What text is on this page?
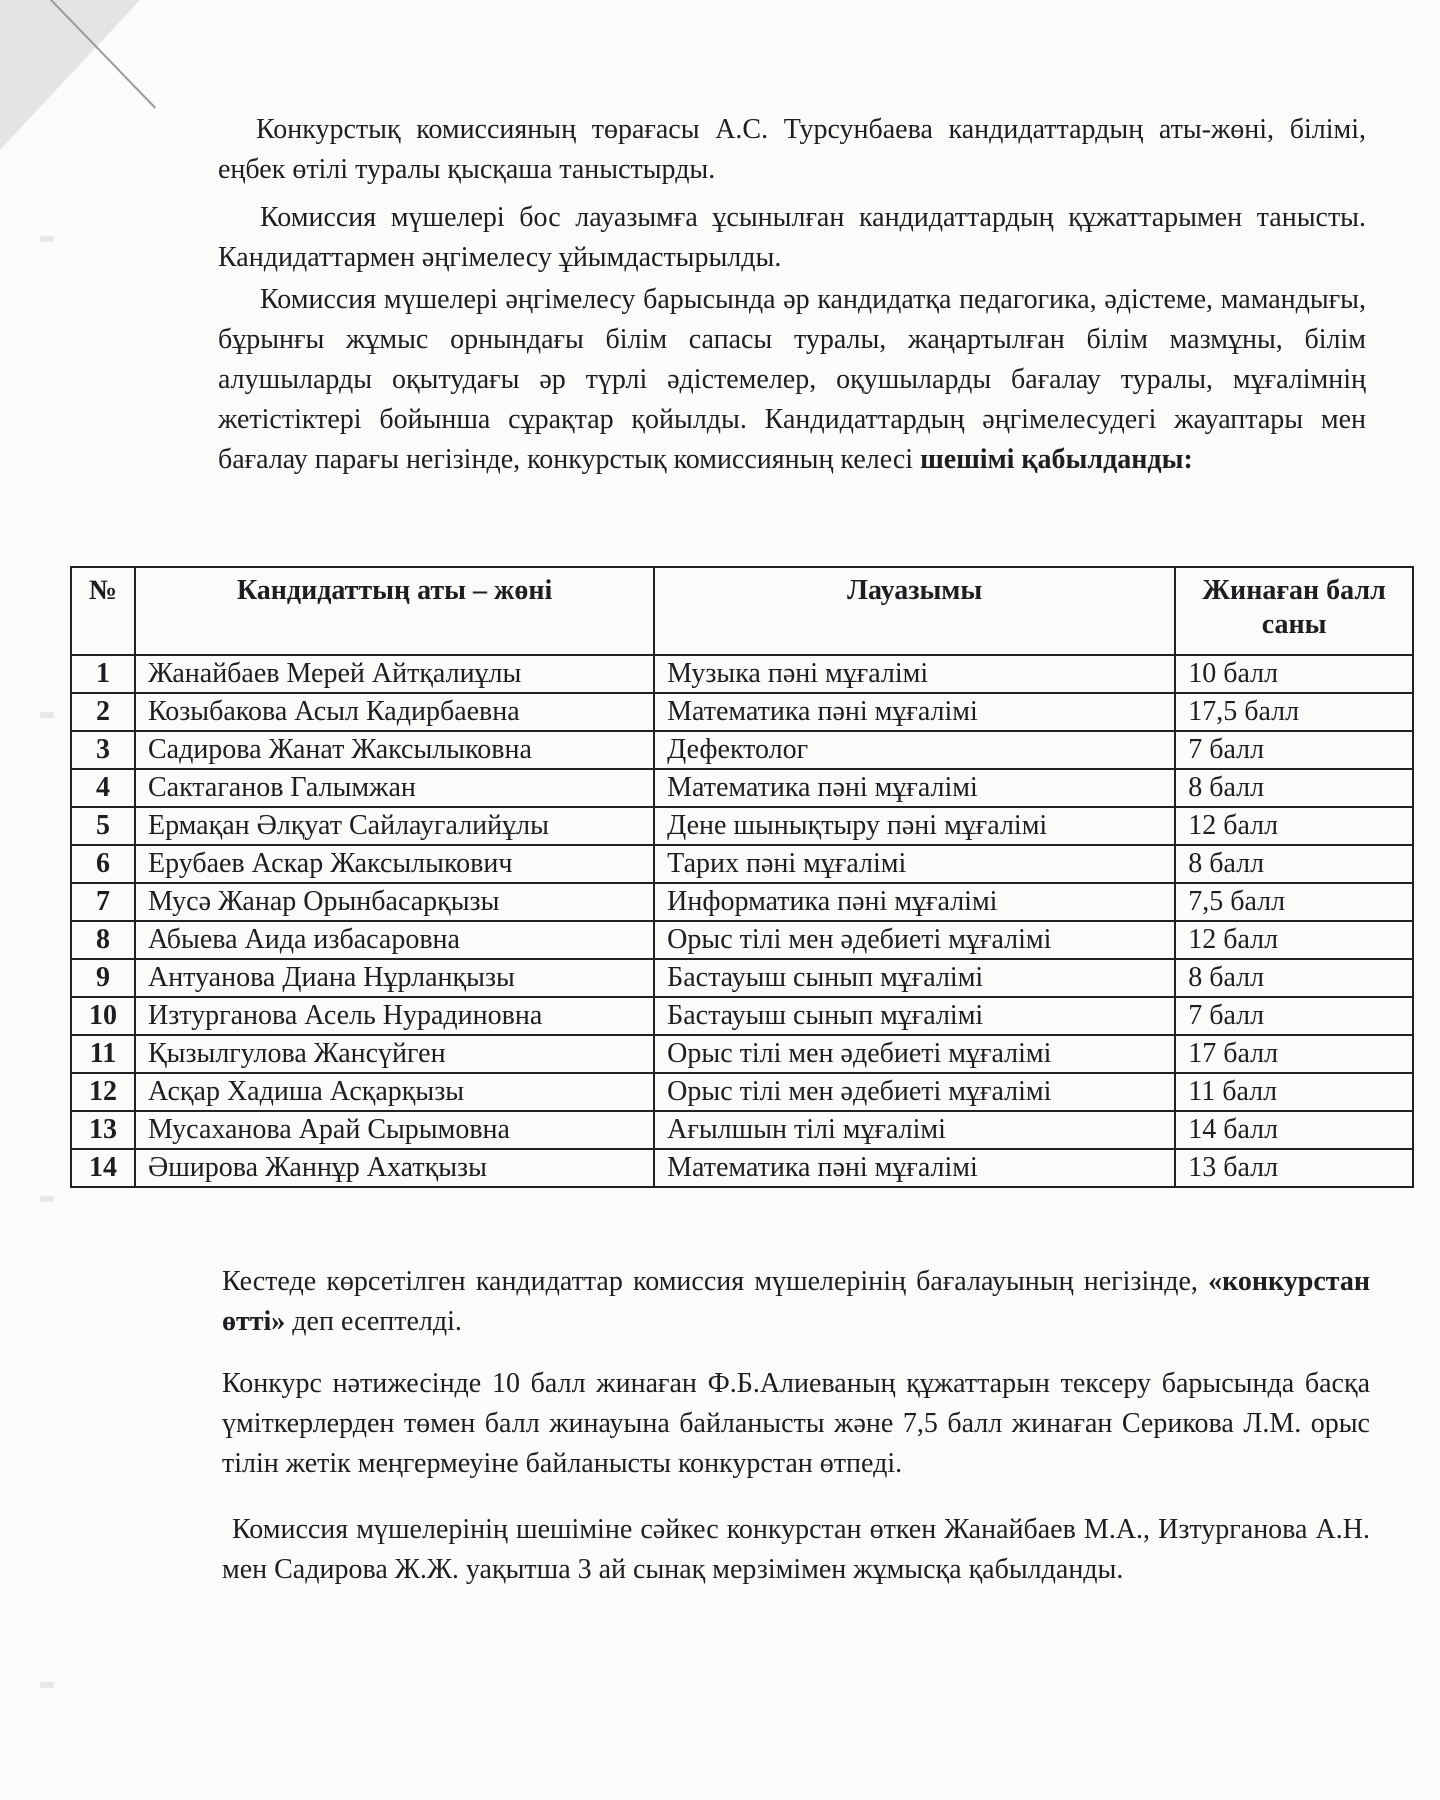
Конкурстық комиссияның төрағасы А.С. Турсунбаева кандидаттардың аты-жөні, білімі, еңбек өтілі туралы қысқаша таныстырды.

Комиссия мүшелері бос лауазымға ұсынылған кандидаттардың құжаттарымен танысты. Кандидаттармен әңгімелесу ұйымдастырылды.

Комиссия мүшелері әңгімелесу барысында әр кандидатқа педагогика, әдістеме, мамандығы, бұрынғы жұмыс орнындағы білім сапасы туралы, жаңартылған білім мазмұны, білім алушыларды оқытудағы әр түрлі әдістемелер, оқушыларды бағалау туралы, мұғалімнің жетістіктері бойынша сұрақтар қойылды. Кандидаттардың әңгімелесудегі жауаптары мен бағалау парағы негізінде, конкурстық комиссияның келесі шешімі қабылданды:

№	Кандидаттың аты – жөні	Лауазымы	Жинаған балл саны
1	Жанайбаев Мерей Айтқалиұлы	Музыка пәні мұғалімі	10 балл
2	Козыбакова Асыл Кадирбаевна	Математика пәні мұғалімі	17,5 балл
3	Садирова Жанат Жаксылыковна	Дефектолог	7 балл
4	Сактаганов Галымжан	Математика пәні мұғалімі	8 балл
5	Ермақан Әлқуат Сайлаугалийұлы	Дене шынықтыру пәні мұғалімі	12 балл
6	Ерубаев Аскар Жаксылыкович	Тарих пәні мұғалімі	8 балл
7	Мусә Жанар Орынбасарқызы	Информатика пәні мұғалімі	7,5 балл
8	Абыева Аида избасаровна	Орыс тілі мен әдебиеті мұғалімі	12 балл
9	Антуанова Диана Нұрланқызы	Бастауыш сынып мұғалімі	8 балл
10	Изтурганова Асель Нурадиновна	Бастауыш сынып мұғалімі	7 балл
11	Қызылгулова Жансүйген	Орыс тілі мен әдебиеті мұғалімі	17 балл
12	Асқар Хадиша Асқарқызы	Орыс тілі мен әдебиеті мұғалімі	11 балл
13	Мусаханова Арай Сырымовна	Ағылшын тілі мұғалімі	14 балл
14	Әширова Жаннұр Ахатқызы	Математика пәні мұғалімі	13 балл

Кестеде көрсетілген кандидаттар комиссия мүшелерінің бағалауының негізінде, «конкурстан өтті» деп есептелді.

Конкурс нәтижесінде 10 балл жинаған Ф.Б.Алиеваның құжаттарын тексеру барысында басқа үміткерлерден төмен балл жинауына байланысты және 7,5 балл жинаған Серикова Л.М. орыс тілін жетік меңгермеуіне байланысты конкурстан өтпеді.

Комиссия мүшелерінің шешіміне сәйкес конкурстан өткен Жанайбаев М.А., Изтурганова А.Н. мен Садирова Ж.Ж. уақытша 3 ай сынақ мерзімімен жұмысқа қабылданды.
